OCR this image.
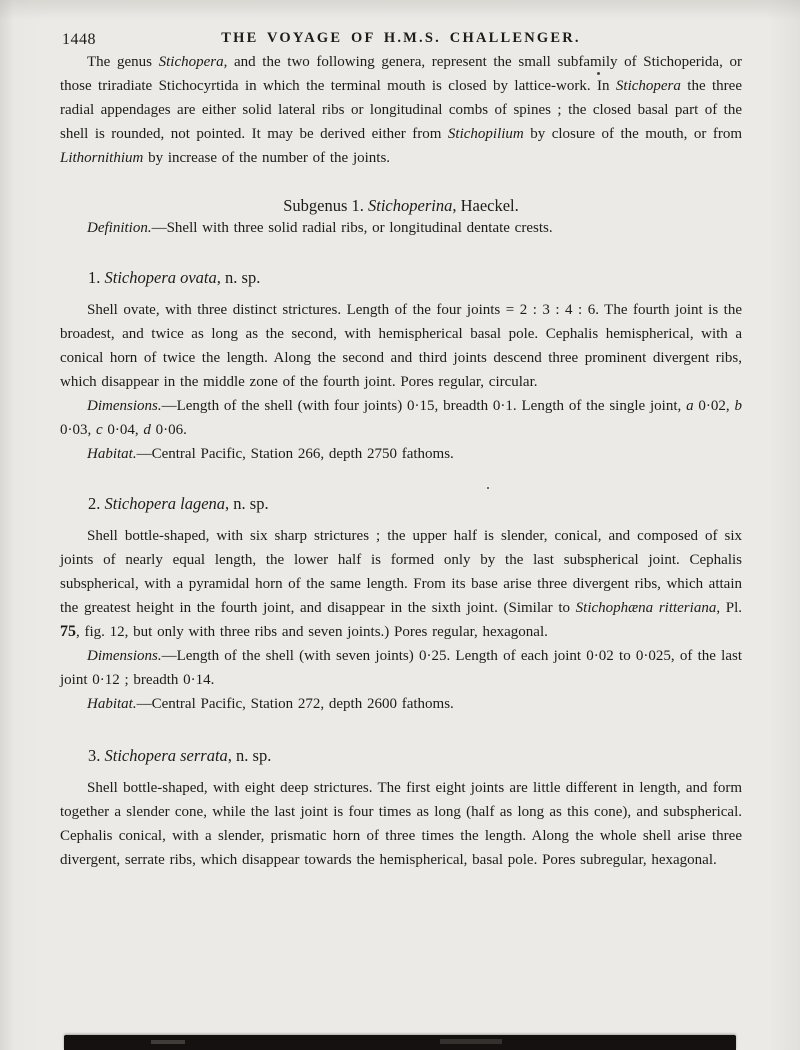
1448	THE VOYAGE OF H.M.S. CHALLENGER.

The genus Stichopera, and the two following genera, represent the small subfamily of Stichoperida, or those triradiate Stichocyrtida in which the terminal mouth is closed by lattice-work. In Stichopera the three radial appendages are either solid lateral ribs or longitudinal combs of spines ; the closed basal part of the shell is rounded, not pointed. It may be derived either from Stichopilium by closure of the mouth, or from Lithornithium by increase of the number of the joints.

Subgenus 1. Stichoperina, Haeckel.

Definition.—Shell with three solid radial ribs, or longitudinal dentate crests.

1. Stichopera ovata, n. sp.

Shell ovate, with three distinct strictures. Length of the four joints = 2 : 3 : 4 : 6. The fourth joint is the broadest, and twice as long as the second, with hemispherical basal pole. Cephalis hemispherical, with a conical horn of twice the length. Along the second and third joints descend three prominent divergent ribs, which disappear in the middle zone of the fourth joint. Pores regular, circular.

Dimensions.—Length of the shell (with four joints) 0·15, breadth 0·1. Length of the single joint, a 0·02, b 0·03, c 0·04, d 0·06.

Habitat.—Central Pacific, Station 266, depth 2750 fathoms.

2. Stichopera lagena, n. sp.

Shell bottle-shaped, with six sharp strictures ; the upper half is slender, conical, and composed of six joints of nearly equal length, the lower half is formed only by the last subspherical joint. Cephalis subspherical, with a pyramidal horn of the same length. From its base arise three divergent ribs, which attain the greatest height in the fourth joint, and disappear in the sixth joint. (Similar to Stichophæna ritteriana, Pl. 75, fig. 12, but only with three ribs and seven joints.) Pores regular, hexagonal.

Dimensions.—Length of the shell (with seven joints) 0·25. Length of each joint 0·02 to 0·025, of the last joint 0·12 ; breadth 0·14.

Habitat.—Central Pacific, Station 272, depth 2600 fathoms.

3. Stichopera serrata, n. sp.

Shell bottle-shaped, with eight deep strictures. The first eight joints are little different in length, and form together a slender cone, while the last joint is four times as long (half as long as this cone), and subspherical. Cephalis conical, with a slender, prismatic horn of three times the length. Along the whole shell arise three divergent, serrate ribs, which disappear towards the hemispherical, basal pole. Pores subregular, hexagonal.
